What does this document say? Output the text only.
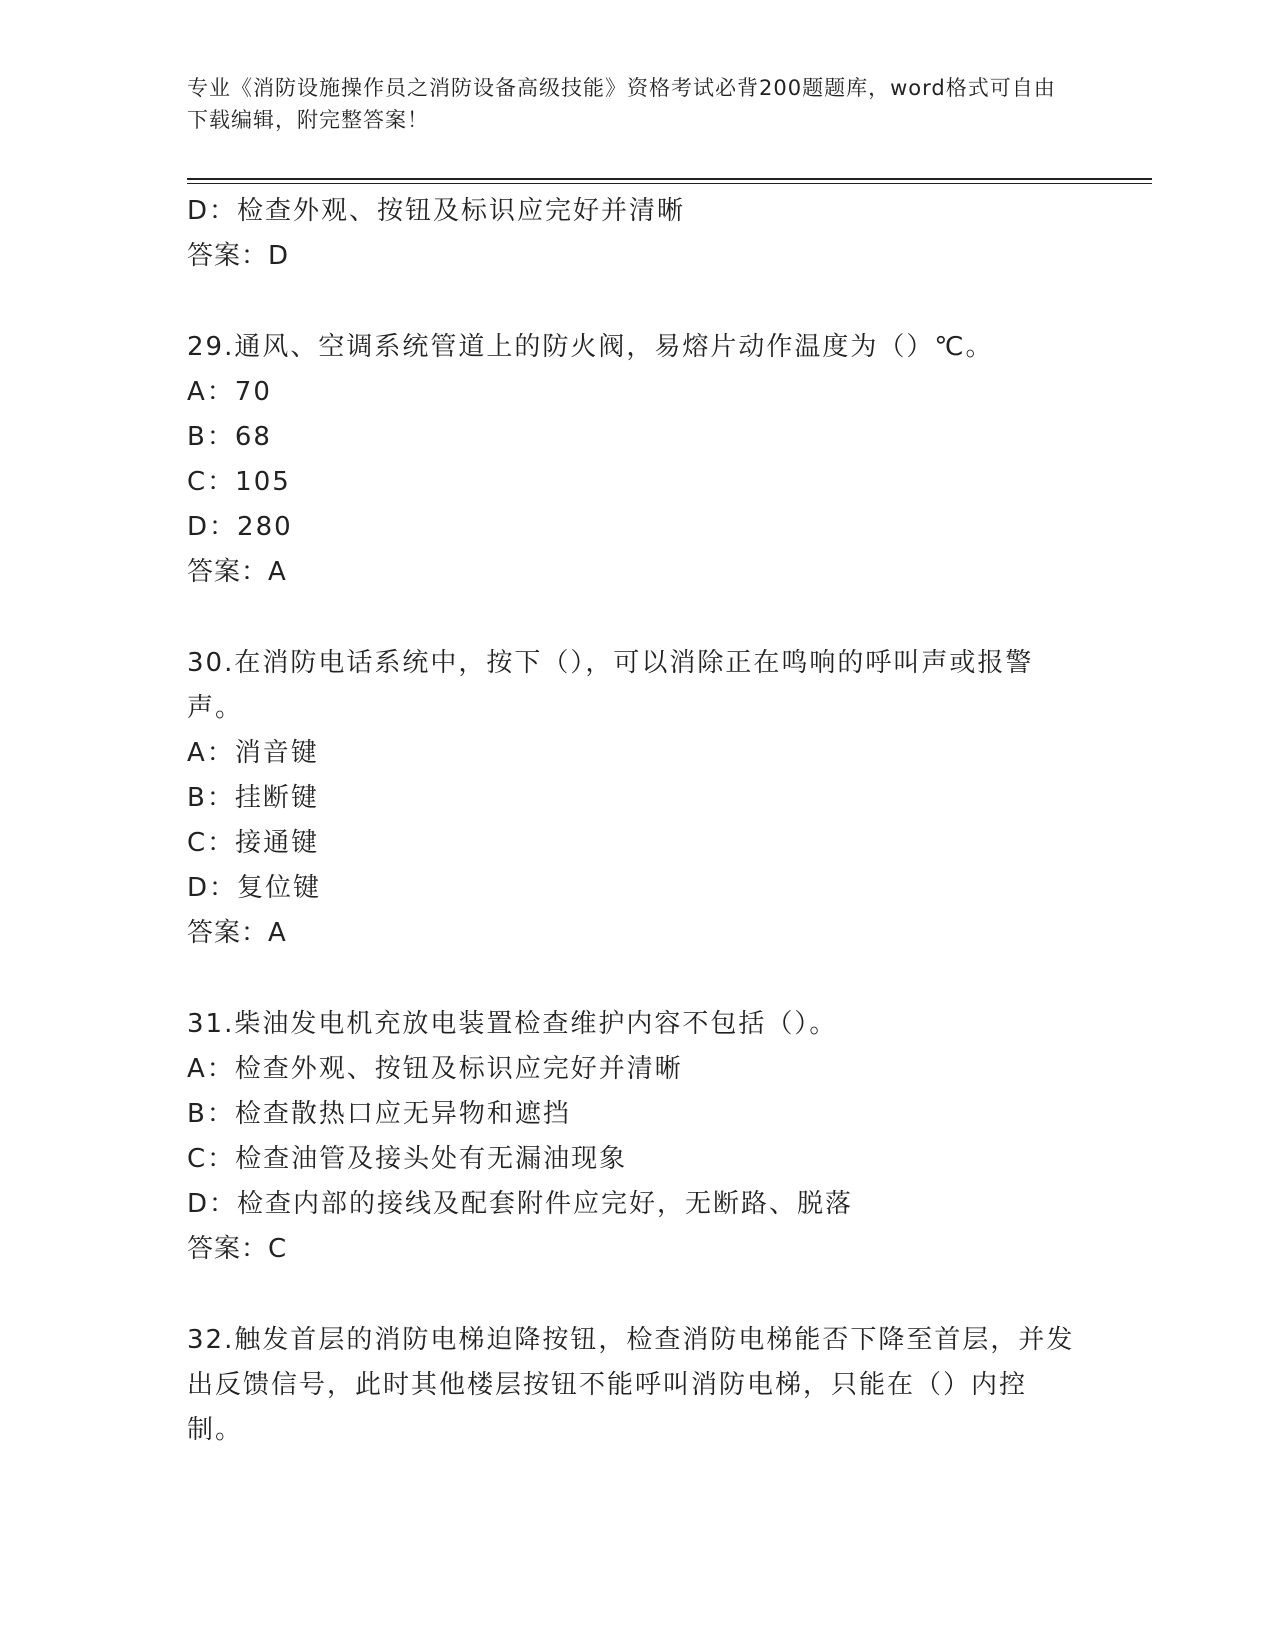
专业《消防设施操作员之消防设备高级技能》资格考试必背200题题库，word格式可自由下载编辑，附完整答案！

D：检查外观、按钮及标识应完好并清晰

答案：D

29.通风、空调系统管道上的防火阀，易熔片动作温度为（）℃。

A：70

B：68

C：105

D：280

答案：A

30.在消防电话系统中，按下（），可以消除正在鸣响的呼叫声或报警声。

A：消音键

B：挂断键

C：接通键

D：复位键

答案：A

31.柴油发电机充放电装置检查维护内容不包括（）。

A：检查外观、按钮及标识应完好并清晰

B：检查散热口应无异物和遮挡

C：检查油管及接头处有无漏油现象

D：检查内部的接线及配套附件应完好，无断路、脱落

答案：C

32.触发首层的消防电梯迫降按钮，检查消防电梯能否下降至首层，并发出反馈信号，此时其他楼层按钮不能呼叫消防电梯，只能在（）内控制。
